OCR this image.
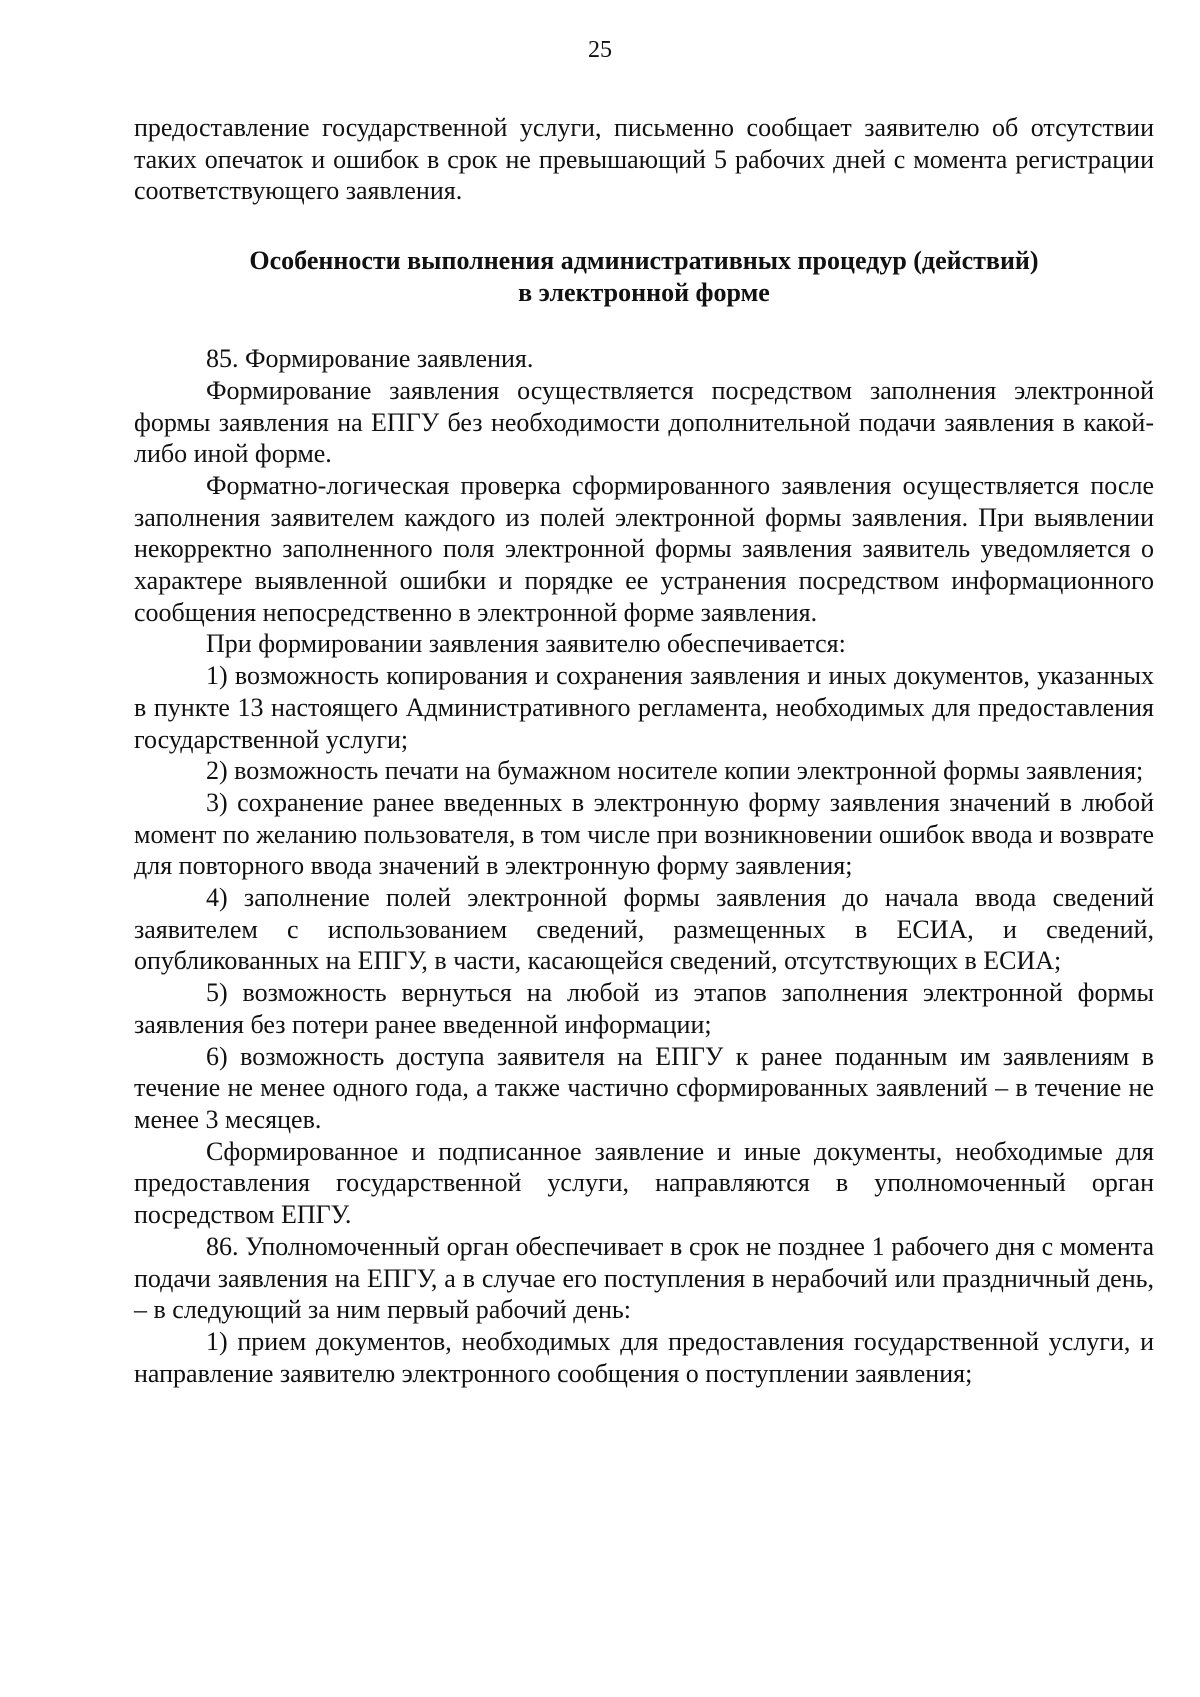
25

предоставление государственной услуги, письменно сообщает заявителю об отсутствии таких опечаток и ошибок в срок не превышающий 5 рабочих дней с момента регистрации соответствующего заявления.

Особенности выполнения административных процедур (действий)
в электронной форме

85. Формирование заявления.

Формирование заявления осуществляется посредством заполнения электронной формы заявления на ЕПГУ без необходимости дополнительной подачи заявления в какой-либо иной форме.

Форматно-логическая проверка сформированного заявления осуществляется после заполнения заявителем каждого из полей электронной формы заявления. При выявлении некорректно заполненного поля электронной формы заявления заявитель уведомляется о характере выявленной ошибки и порядке ее устранения посредством информационного сообщения непосредственно в электронной форме заявления.

При формировании заявления заявителю обеспечивается:

1) возможность копирования и сохранения заявления и иных документов, указанных в пункте 13 настоящего Административного регламента, необходимых для предоставления государственной услуги;

2) возможность печати на бумажном носителе копии электронной формы заявления;

3) сохранение ранее введенных в электронную форму заявления значений в любой момент по желанию пользователя, в том числе при возникновении ошибок ввода и возврате для повторного ввода значений в электронную форму заявления;

4) заполнение полей электронной формы заявления до начала ввода сведений заявителем с использованием сведений, размещенных в ЕСИА, и сведений, опубликованных на ЕПГУ, в части, касающейся сведений, отсутствующих в ЕСИА;

5) возможность вернуться на любой из этапов заполнения электронной формы заявления без потери ранее введенной информации;

6) возможность доступа заявителя на ЕПГУ к ранее поданным им заявлениям в течение не менее одного года, а также частично сформированных заявлений – в течение не менее 3 месяцев.

Сформированное и подписанное заявление и иные документы, необходимые для предоставления государственной услуги, направляются в уполномоченный орган посредством ЕПГУ.

86. Уполномоченный орган обеспечивает в срок не позднее 1 рабочего дня с момента подачи заявления на ЕПГУ, а в случае его поступления в нерабочий или праздничный день, – в следующий за ним первый рабочий день:

1) прием документов, необходимых для предоставления государственной услуги, и направление заявителю электронного сообщения о поступлении заявления;
